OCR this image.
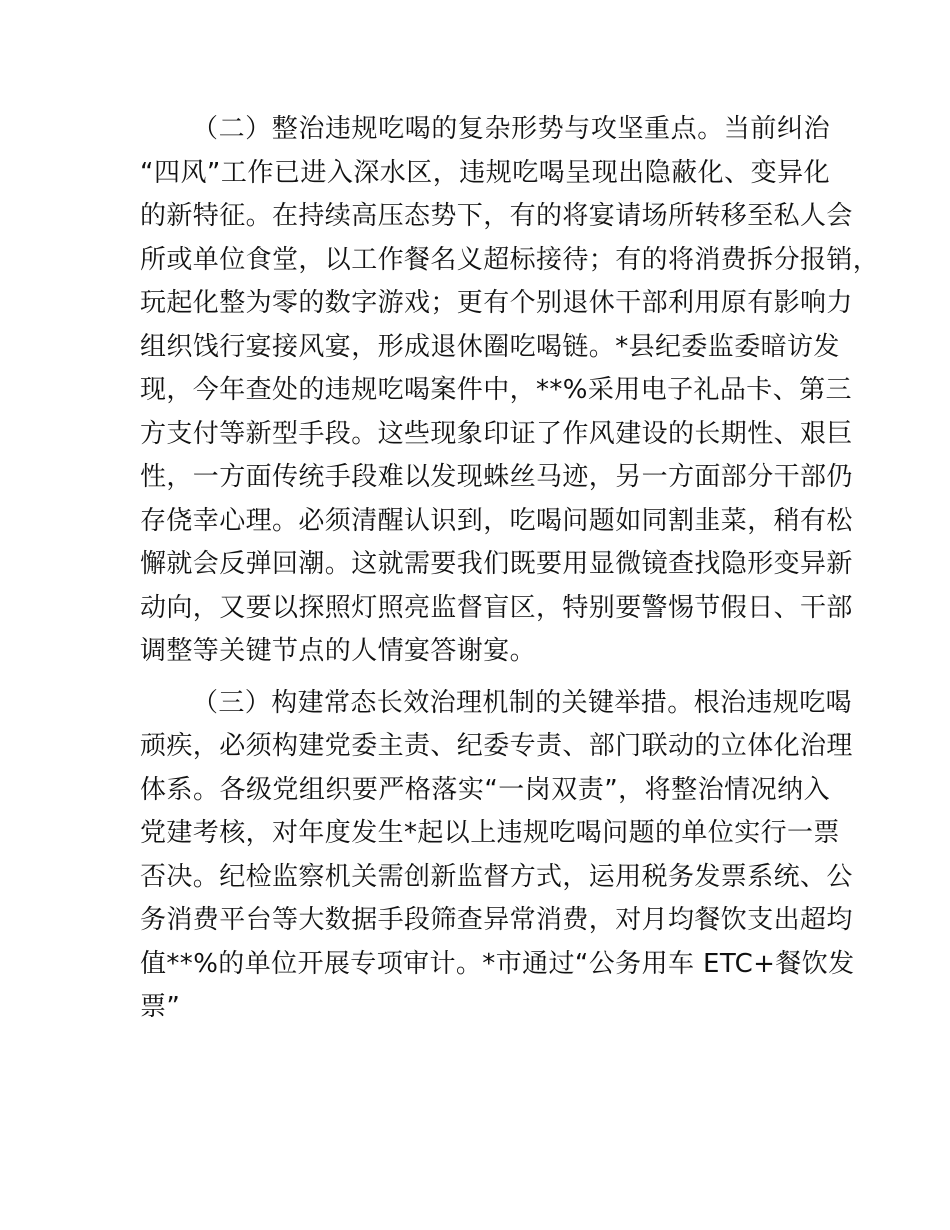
（二）整治违规吃喝的复杂形势与攻坚重点。当前纠治
“四风”工作已进入深水区，违规吃喝呈现出隐蔽化、变异化
的新特征。在持续高压态势下，有的将宴请场所转移至私人会
所或单位食堂，以工作餐名义超标接待；有的将消费拆分报销，
玩起化整为零的数字游戏；更有个别退休干部利用原有影响力
组织饯行宴接风宴，形成退休圈吃喝链。*县纪委监委暗访发
现，今年查处的违规吃喝案件中，**%采用电子礼品卡、第三
方支付等新型手段。这些现象印证了作风建设的长期性、艰巨
性，一方面传统手段难以发现蛛丝马迹，另一方面部分干部仍
存侥幸心理。必须清醒认识到，吃喝问题如同割韭菜，稍有松
懈就会反弹回潮。这就需要我们既要用显微镜查找隐形变异新
动向，又要以探照灯照亮监督盲区，特别要警惕节假日、干部
调整等关键节点的人情宴答谢宴。
（三）构建常态长效治理机制的关键举措。根治违规吃喝
顽疾，必须构建党委主责、纪委专责、部门联动的立体化治理
体系。各级党组织要严格落实“一岗双责”，将整治情况纳入
党建考核，对年度发生*起以上违规吃喝问题的单位实行一票
否决。纪检监察机关需创新监督方式，运用税务发票系统、公
务消费平台等大数据手段筛查异常消费，对月均餐饮支出超均
值**%的单位开展专项审计。*市通过“公务用车 ETC+餐饮发
票”
